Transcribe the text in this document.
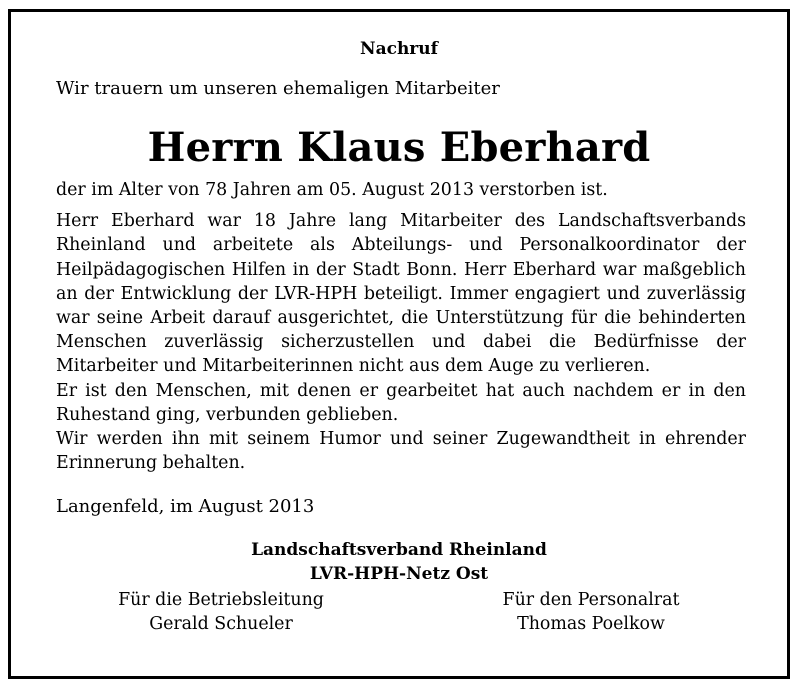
Nachruf
Wir trauern um unseren ehemaligen Mitarbeiter
Herrn Klaus Eberhard

der im Alter von 78 Jahren am 05. August 2013 verstorben ist.

Herr Eberhard war 18 Jahre lang Mitarbeiter des Landschaftsverbands Rheinland und arbeitete als Abteilungs- und Personalkoordinator der Heilpädagogischen Hilfen in der Stadt Bonn. Herr Eberhard war maßgeblich an der Entwicklung der LVR-HPH beteiligt. Immer engagiert und zuverlässig war seine Arbeit darauf ausgerichtet, die Unterstützung für die behinderten Menschen zuverlässig sicherzustellen und dabei die Bedürfnisse der Mitarbeiter und Mitarbeiterinnen nicht aus dem Auge zu verlieren.

Er ist den Menschen, mit denen er gearbeitet hat auch nachdem er in den Ruhestand ging, verbunden geblieben.

Wir werden ihn mit seinem Humor und seiner Zugewandtheit in ehrender Erinnerung behalten.

Langenfeld, im August 2013
Landschaftsverband Rheinland
LVR-HPH-Netz Ost
Für die Betriebsleitung
Gerald Schueler
Für den Personalrat
Thomas Poelkow
